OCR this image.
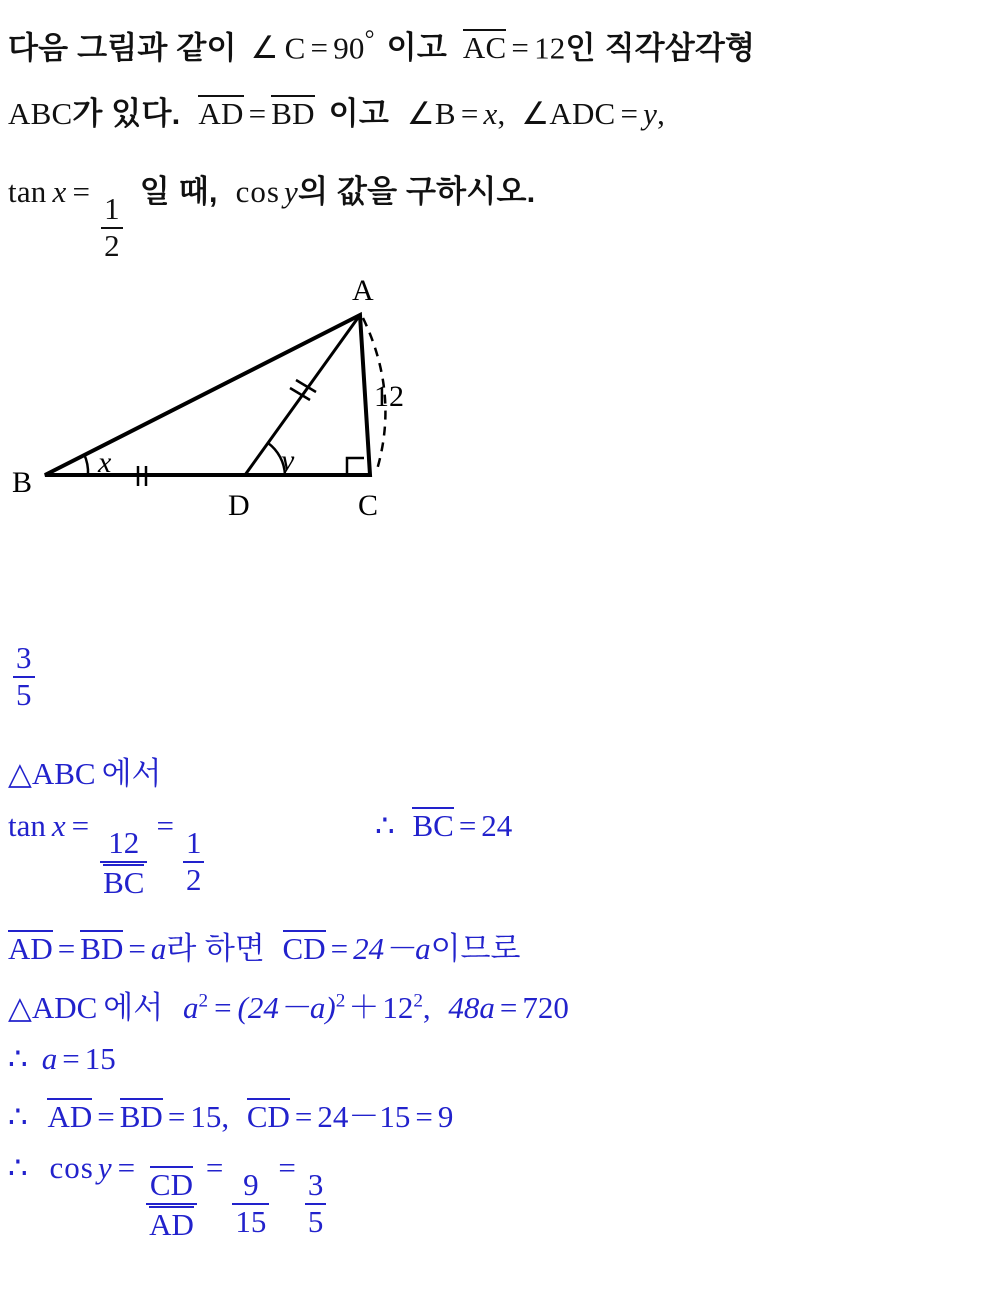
다음 그림과 같이 ∠ C = 90° 이고 AC = 12인 직각삼각형
ABC가 있다. AD = BD 이고 ∠B = x, ∠ADC = y,
tan x =
$\frac{1}{2}$
일 때, cos y의 값을 구하시오.
A
B
C
D
12
x	y
$\frac{3}{5}$
△ABC 에서
tan x =
$\frac{12}{BC}$
=
$\frac{1}{2}$
∴ BC = 24
AD = BD = a라 하면 CD = 24－a이므로
△ADC 에서 $a^2 = (24-a)^2+12^2$, 48a = 720
∴ a = 15
∴ AD = BD = 15, CD = 24－15 = 9
∴ $\cos y = \frac{CD}{AD}$ =
$\frac{9}{15}$
=
$\frac{3}{5}$
